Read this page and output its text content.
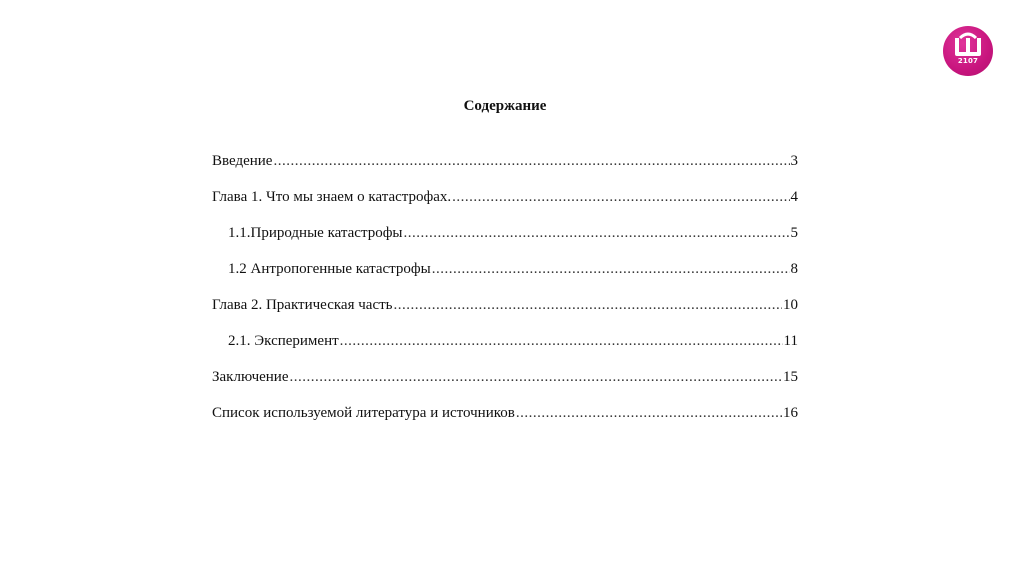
2107
Содержание
Введение .....	3
Глава 1. Что мы знаем о катастрофах. .....	4
1.1.Природные катастрофы .....	5
1.2 Антропогенные катастрофы .....	8
Глава 2. Практическая часть .....	10
2.1. Эксперимент .....	11
Заключение .....	15
Список используемой литература и источников .....	16
